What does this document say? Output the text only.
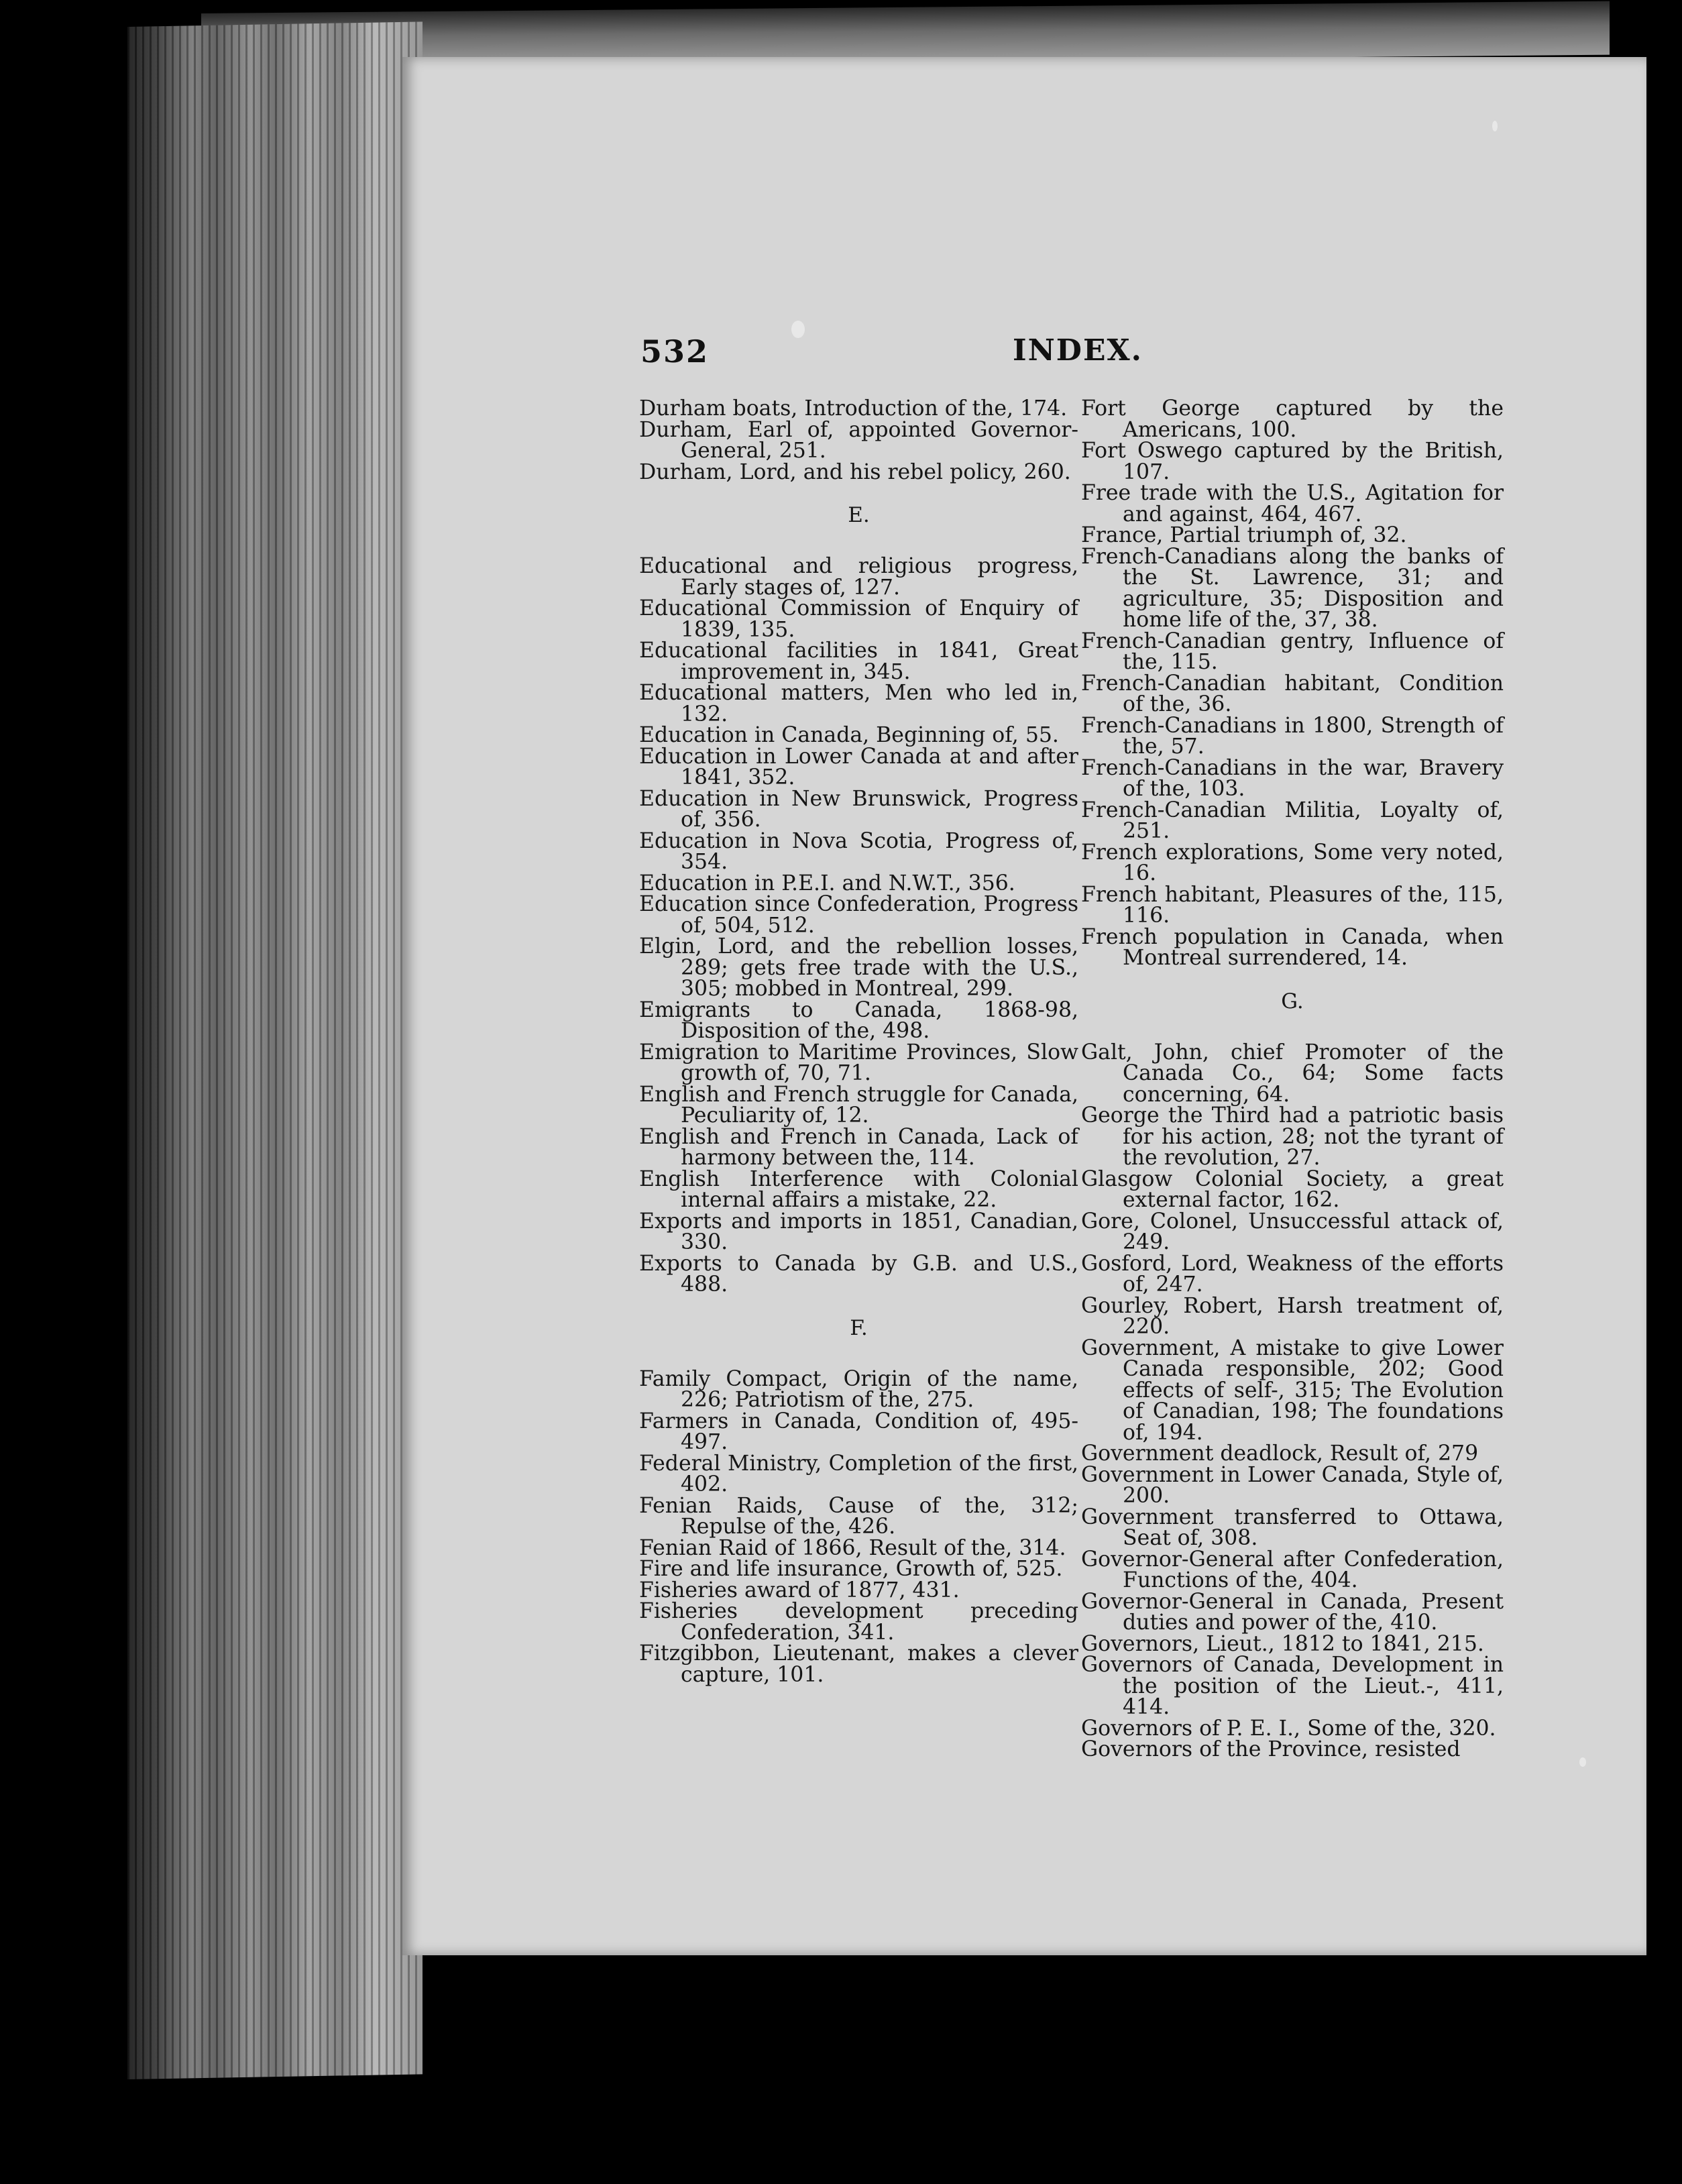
532	INDEX.

Durham boats, Introduction of the, 174.

Durham, Earl of, appointed Governor-General, 251.

Durham, Lord, and his rebel policy, 260.

E.

Educational and religious progress, Early stages of, 127.

Educational Commission of Enquiry of 1839, 135.

Educational facilities in 1841, Great improvement in, 345.

Educational matters, Men who led in, 132.

Education in Canada, Beginning of, 55.

Education in Lower Canada at and after 1841, 352.

Education in New Brunswick, Progress of, 356.

Education in Nova Scotia, Progress of, 354.

Education in P.E.I. and N.W.T., 356.

Education since Confederation, Progress of, 504, 512.

Elgin, Lord, and the rebellion losses, 289; gets free trade with the U.S., 305; mobbed in Montreal, 299.

Emigrants to Canada, 1868-98, Disposition of the, 498.

Emigration to Maritime Provinces, Slow growth of, 70, 71.

English and French struggle for Canada, Peculiarity of, 12.

English and French in Canada, Lack of harmony between the, 114.

English Interference with Colonial internal affairs a mistake, 22.

Exports and imports in 1851, Canadian, 330.

Exports to Canada by G.B. and U.S., 488.

F.

Family Compact, Origin of the name, 226; Patriotism of the, 275.

Farmers in Canada, Condition of, 495-497.

Federal Ministry, Completion of the first, 402.

Fenian Raids, Cause of the, 312; Repulse of the, 426.

Fenian Raid of 1866, Result of the, 314.

Fire and life insurance, Growth of, 525.

Fisheries award of 1877, 431.

Fisheries development preceding Confederation, 341.

Fitzgibbon, Lieutenant, makes a clever capture, 101.

Fort George captured by the Americans, 100.

Fort Oswego captured by the British, 107.

Free trade with the U.S., Agitation for and against, 464, 467.

France, Partial triumph of, 32.

French-Canadians along the banks of the St. Lawrence, 31; and agriculture, 35; Disposition and home life of the, 37, 38.

French-Canadian gentry, Influence of the, 115.

French-Canadian habitant, Condition of the, 36.

French-Canadians in 1800, Strength of the, 57.

French-Canadians in the war, Bravery of the, 103.

French-Canadian Militia, Loyalty of, 251.

French explorations, Some very noted, 16.

French habitant, Pleasures of the, 115, 116.

French population in Canada, when Montreal surrendered, 14.

G.

Galt, John, chief Promoter of the Canada Co., 64; Some facts concerning, 64.

George the Third had a patriotic basis for his action, 28; not the tyrant of the revolution, 27.

Glasgow Colonial Society, a great external factor, 162.

Gore, Colonel, Unsuccessful attack of, 249.

Gosford, Lord, Weakness of the efforts of, 247.

Gourley, Robert, Harsh treatment of, 220.

Government, A mistake to give Lower Canada responsible, 202; Good effects of self-, 315; The Evolution of Canadian, 198; The foundations of, 194.

Government deadlock, Result of, 279

Government in Lower Canada, Style of, 200.

Government transferred to Ottawa, Seat of, 308.

Governor-General after Confederation, Functions of the, 404.

Governor-General in Canada, Present duties and power of the, 410.

Governors, Lieut., 1812 to 1841, 215.

Governors of Canada, Development in the position of the Lieut.-, 411, 414.

Governors of P. E. I., Some of the, 320.

Governors of the Province, resisted
